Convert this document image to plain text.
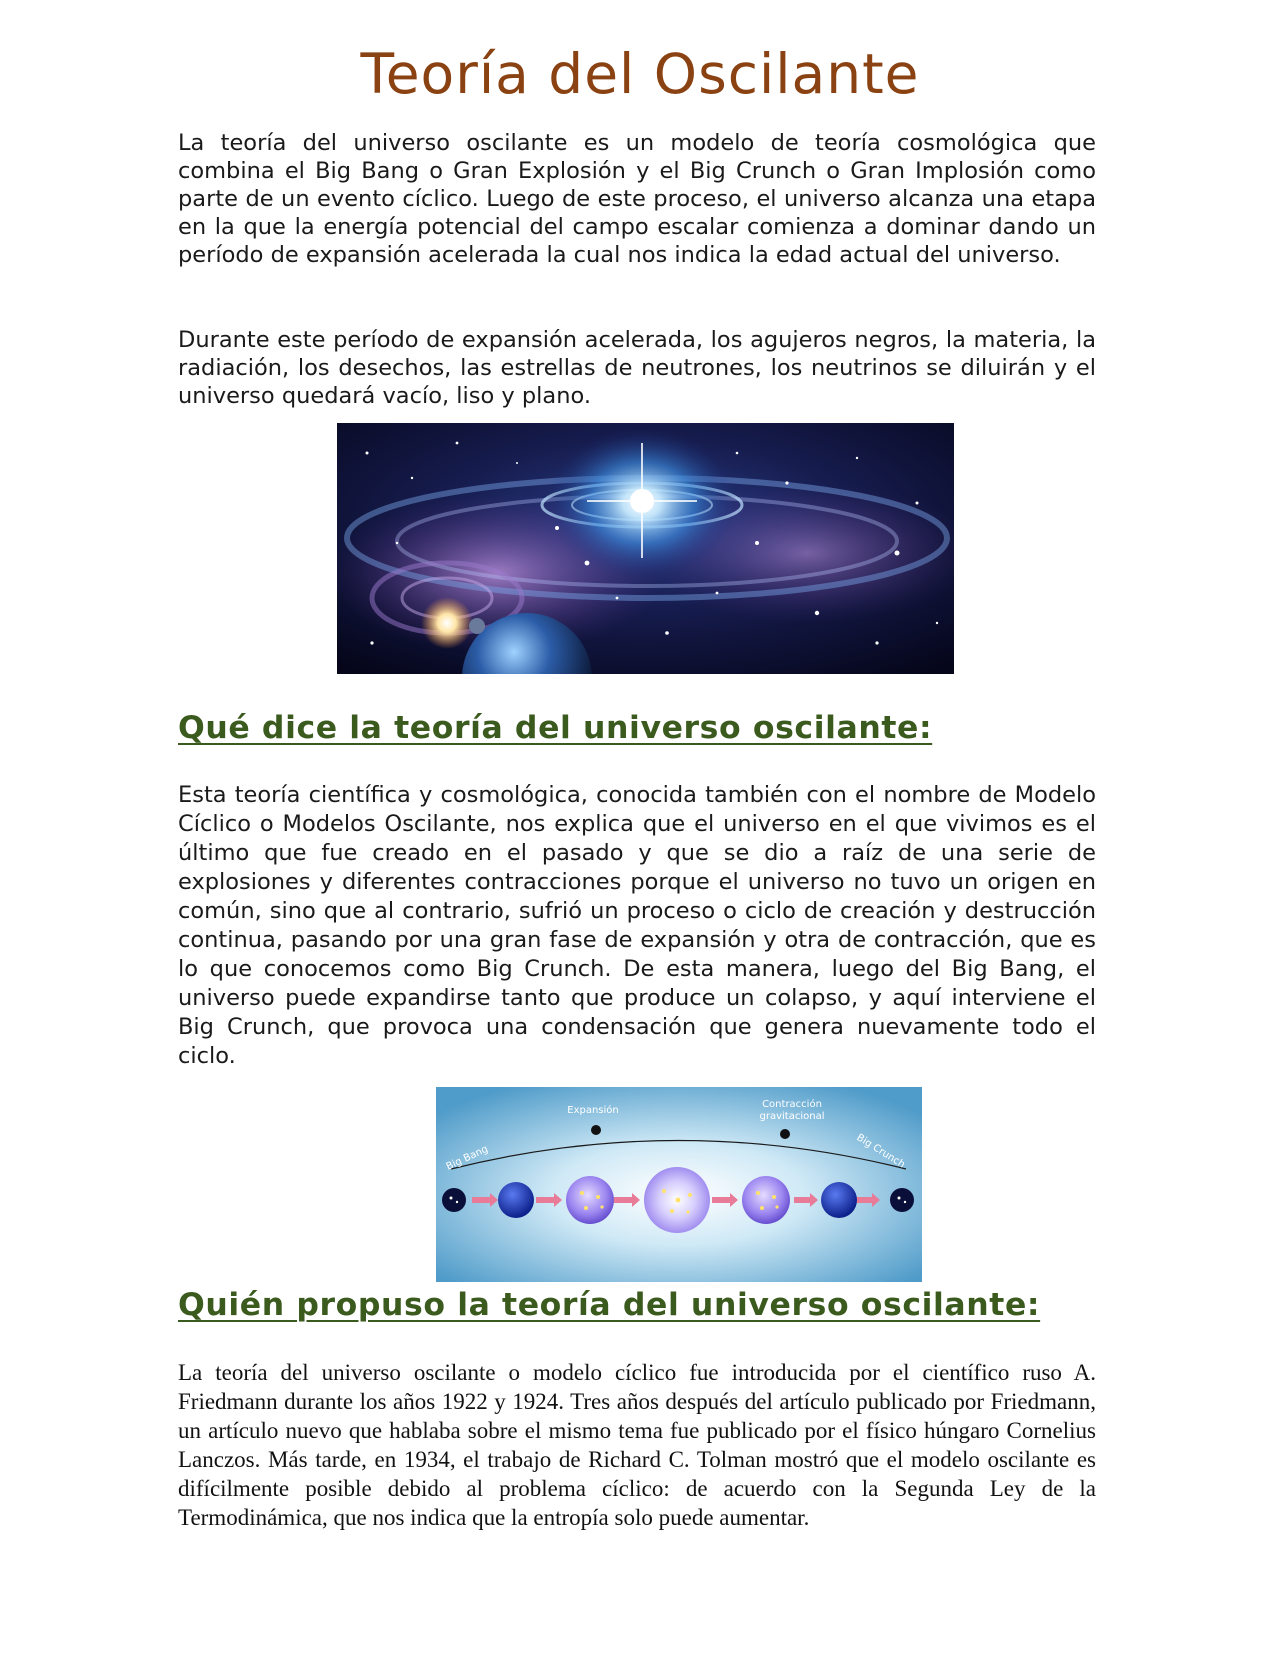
Teoría del Oscilante

La teoría del universo oscilante es un modelo de teoría cosmológica que combina el Big Bang o Gran Explosión y el Big Crunch o Gran Implosión como parte de un evento cíclico. Luego de este proceso, el universo alcanza una etapa en la que la energía potencial del campo escalar comienza a dominar dando un período de expansión acelerada la cual nos indica la edad actual del universo.

Durante este período de expansión acelerada, los agujeros negros, la materia, la radiación, los desechos, las estrellas de neutrones, los neutrinos se diluirán y el universo quedará vacío, liso y plano.

Qué dice la teoría del universo oscilante:

Esta teoría científica y cosmológica, conocida también con el nombre de Modelo Cíclico o Modelos Oscilante, nos explica que el universo en el que vivimos es el último que fue creado en el pasado y que se dio a raíz de una serie de explosiones y diferentes contracciones porque el universo no tuvo un origen en común, sino que al contrario, sufrió un proceso o ciclo de creación y destrucción continua, pasando por una gran fase de expansión y otra de contracción, que es lo que conocemos como Big Crunch. De esta manera, luego del Big Bang, el universo puede expandirse tanto que produce un colapso, y aquí interviene el Big Crunch, que provoca una condensación que genera nuevamente todo el ciclo.

Expansión
Contracción
gravitacional
Big Bang	Big Crunch
Quién propuso la teoría del universo oscilante:

La teoría del universo oscilante o modelo cíclico fue introducida por el científico ruso A. Friedmann durante los años 1922 y 1924. Tres años después del artículo publicado por Friedmann, un artículo nuevo que hablaba sobre el mismo tema fue publicado por el físico húngaro Cornelius Lanczos. Más tarde, en 1934, el trabajo de Richard C. Tolman mostró que el modelo oscilante es difícilmente posible debido al problema cíclico: de acuerdo con la Segunda Ley de la Termodinámica, que nos indica que la entropía solo puede aumentar.
